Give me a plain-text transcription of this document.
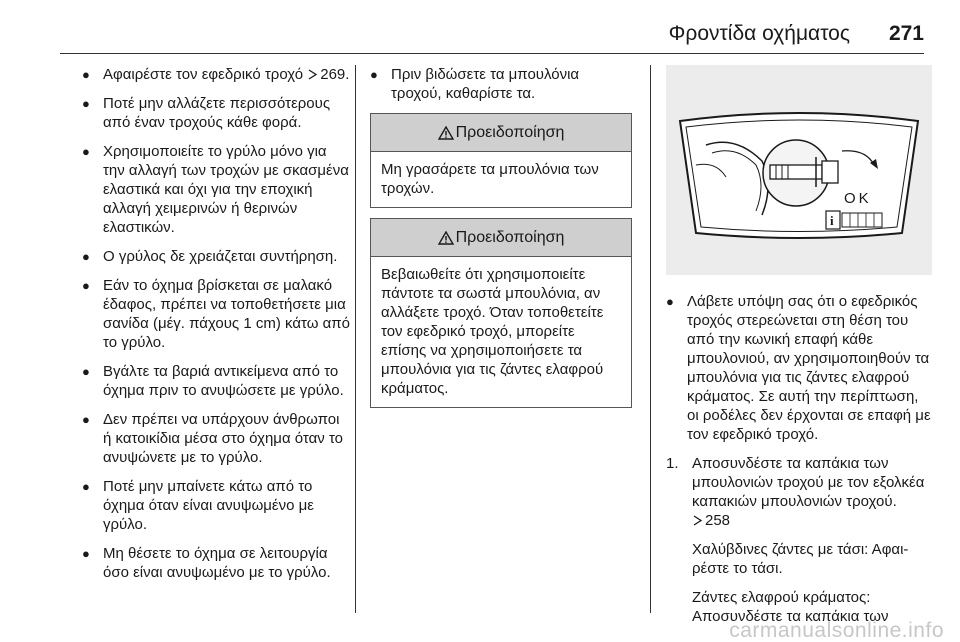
Φροντίδα οχήματος 271
● Αφαιρέστε τον εφεδρικό τροχό 269.
● Ποτέ μην αλλάζετε περισσότερους από έναν τροχούς κάθε φορά.
● Χρησιμοποιείτε το γρύλο μόνο για την αλλαγή των τροχών με σκασμένα ελαστικά και όχι για την εποχική αλλαγή χειμερινών ή θερινών ελαστικών.
● Ο γρύλος δε χρειάζεται συντήρηση.
● Εάν το όχημα βρίσκεται σε μαλακό έδαφος, πρέπει να τοποθετήσετε μια σανίδα (μέγ. πάχους 1 cm) κάτω από το γρύλο.
● Βγάλτε τα βαριά αντικείμενα από το όχημα πριν το ανυψώσετε με γρύλο.
● Δεν πρέπει να υπάρχουν άνθρωποι ή κατοικίδια μέσα στο όχημα όταν το ανυψώνετε με το γρύλο.
● Ποτέ μην μπαίνετε κάτω από το όχημα όταν είναι ανυψωμένο με γρύλο.
● Μη θέσετε το όχημα σε λειτουργία όσο είναι ανυψωμένο με το γρύλο.
● Πριν βιδώσετε τα μπουλόνια τροχού, καθαρίστε τα.
Προειδοποίηση
Μη γρασάρετε τα μπουλόνια των τροχών.
Προειδοποίηση
Βεβαιωθείτε ότι χρησιμοποιείτε πάντοτε τα σωστά μπουλόνια, αν αλλάξετε τροχό. Όταν τοποθετείτε τον εφεδρικό τροχό, μπορείτε επίσης να χρησιμοποιήσετε τα μπουλόνια για τις ζάντες ελαφρού κράματος.
OK
i
● Λάβετε υπόψη σας ότι ο εφεδρικός τροχός στερεώνεται στη θέση του από την κωνική επαφή κάθε μπουλονιού, αν χρησιμοποιηθούν τα μπουλόνια για τις ζάντες ελαφρού κράματος. Σε αυτή την περίπτωση, οι ροδέλες δεν έρχονται σε επαφή με τον εφεδρικό τροχό.
1. Αποσυνδέστε τα καπάκια των μπουλονιών τροχού με τον εξολκέα καπακιών μπουλονιών τροχού. 258

Χαλύβδινες ζάντες με τάσι: Αφαιρέστε το τάσι.

Ζάντες ελαφρού κράματος: Αποσυνδέστε τα καπάκια των

carmanualsonline.info
